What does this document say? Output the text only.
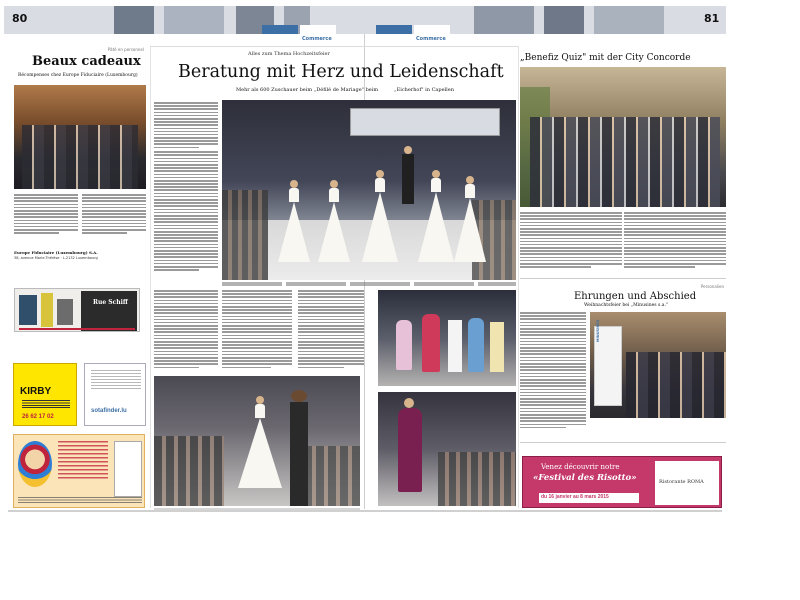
80
Advertorial	Commerce	Advertorial	Commerce
81
Pâté en personnel
Beaux cadeaux
Récompenses chez Europe Fiduciaire (Luxembourg)
Europe Fiduciaire (Luxembourg) S.A.
38, avenue Marie-Thérèse · L-2132 Luxembourg
Rue Schiff
KIRBY
26 62 17 02
sotafinder.lu
Alles zum Thema Hochzeitsfeier
Beratung mit Herz und Leidenschaft
Mehr als 600 Zuschauer beim „Défilé de Mariage" beim	„Eicherhof" in Capellen
„Benefiz Quiz" mit der City Concorde
Personalien
Ehrungen und Abschied
Weihnachtsfeier bei „Minusines s.a."
MINUSINES
Venez découvrir notre
«Festival des Risotto»
du 16 janvier au 8 mars 2015
Ristorante ROMA
